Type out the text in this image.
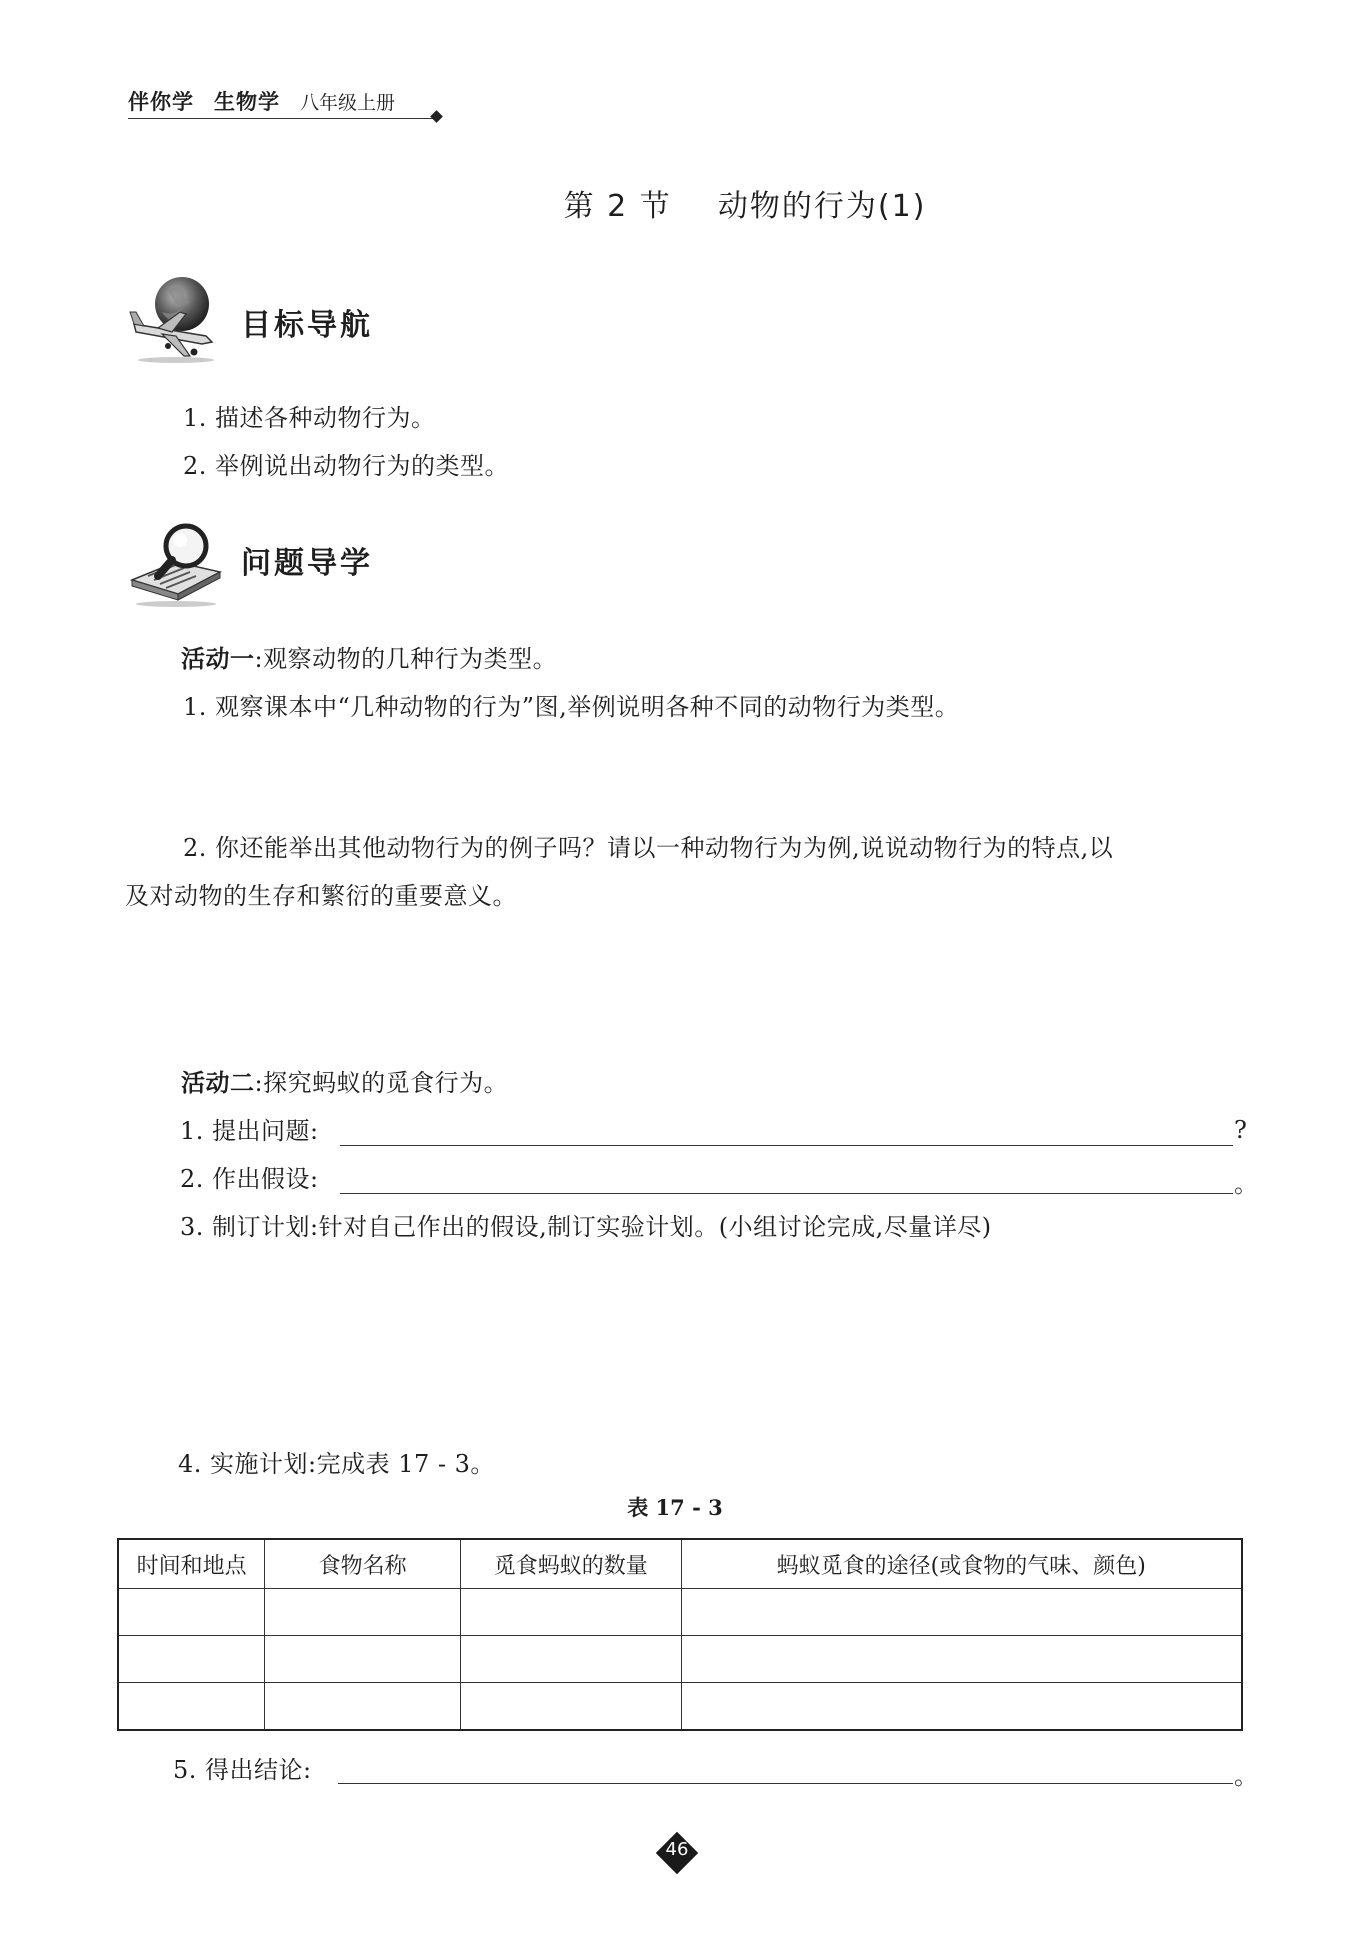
伴你学 生物学 八年级上册
第 2 节    动物的行为(1)
目标导航
1. 描述各种动物行为。
2. 举例说出动物行为的类型。
问题导学
活动一:观察动物的几种行为类型。
1. 观察课本中“几种动物的行为”图,举例说明各种不同的动物行为类型。
2. 你还能举出其他动物行为的例子吗？请以一种动物行为为例,说说动物行为的特点,以
及对动物的生存和繁衍的重要意义。
活动二:探究蚂蚁的觅食行为。
1. 提出问题:	?
2. 作出假设:	。
3. 制订计划:针对自己作出的假设,制订实验计划。(小组讨论完成,尽量详尽)
4. 实施计划:完成表 17 - 3。
表 17 - 3
时间和地点	食物名称	觅食蚂蚁的数量	蚂蚁觅食的途径(或食物的气味、颜色)

5. 得出结论:	。
46
